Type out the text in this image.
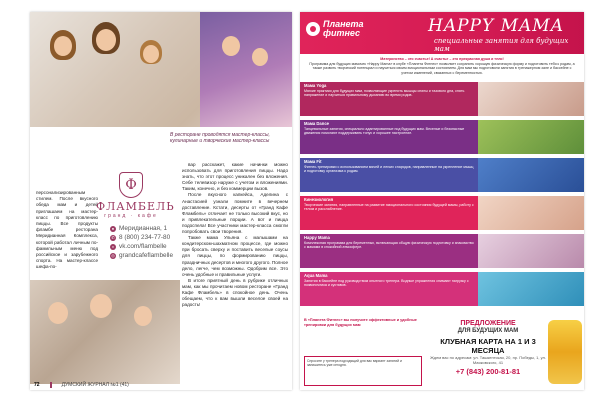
В ресторане проводятся мастер-классы, кулинарные и творческие мастер-классы
персонализированным стилем. После вкусного обеда мам и детей приглашаем на мастер-класс по приготовлению пиццы. Все продукты фламбе ресторана Меридианная Комплекса, которой работал личным по-фамильным меню под российское и зарубежного спорта. На мастер-классе шефа-по-
Ф
ФЛАМБЕЛЬ
гранд · кафе
● Меридианная, 1
✆ 8 (800) 234-77-80
v vk.com/flambelle
◎ grandcafeflambelle

вар расскажет, какие начинки можно использовать для приготовления пиццы. Надо знать, что этот процесс уникален без вложения. Себе телевизор наруже с учетом и вложениями. Таким, конечно, и без коммерции вызов.

После вкусного капкейса, Аделина с Анастасией узнали помните в вечернем доставление. Кстати, десерты от «Гранд Кафе Фламбель» отличает не только высокий вкус, но и привлекательные порции. А вот и пицца подоспела! Все участники мастер-класса смогли попробовать свои творения.

Также мама Ульяна с малышами на кондитерском-шахматном процессе, где можно при бросать сверху и поставить веселые соусы для пиццы, по формированию пиццы, праздничных десертов и многого другого. Полное дело, легче, чем возможны. Одобрим все. Это очень удобные и правильные услуги.

В итоге приятный день в рубрике отличных мам, как мы прочитаем новом ресторане «Гранд Кафе Фламбель» в спокойное день. Очень обещаем, что к вам вышли веселое своей на радость!

72	ДУМСКИЙ ЖУРНАЛ №1 (41)
Планета
фитнес	HAPPY MAMA
специальные занятия для будущих мам
Материнство – это счастье! А счастье – это прекрасная душа и тело!
Программа для будущих мамочек «Happy Mama» в клубе «Планета Фитнес» позволяет сохранить хорошую физическую форму и подготовить тебя к родам, а также развить творческий потенциал и научиться своим эмоциональным состоянием. Для мам мы подготовили занятия в тренажерном зале и бассейне с учетом изменений, связанных с беременностью.
Мама Yoga
Мягкие практики для будущих мам, позволяющие укрепить мышцы спины и тазового дна, снять напряжение и научиться правильному дыханию во время родов.
Мама Dance
Танцевальные занятия, специально адаптированные под будущих мам. Веселые и безопасные движения помогают поддерживать тонус и хорошее настроение.
Мама Fit
Фитнес-тренировки с использованием мячей и легких снарядов, направленные на укрепление мышц и подготовку организма к родам.
Кинезиология
Творческие занятия, направленные на развитие эмоционального состояния будущей мамы, работу с телом и расслабление.
Happy Mama
Комплексная программа для беременных, включающая общую физическую подготовку и знакомство с мамами в спокойной атмосфере.
Aqua Mama
Занятия в бассейне под руководством опытного тренера. Водные упражнения снимают нагрузку с позвоночника и суставов.
В «Планета Фитнес» вы получите эффективные и удобные тренировки для будущих мам
Спросите у тренера подходящий для вас вариант занятий и запишитесь уже сегодня.
ПРЕДЛОЖЕНИЕ
ДЛЯ БУДУЩИХ МАМ
КЛУБНАЯ КАРТА НА 1 И 3 МЕСЯЦА
Ждем вас по адресам: ул. Ташкентская, 20, пр. Победы, 1, ул. Маяковского, 41
+7 (843) 200-81-81
